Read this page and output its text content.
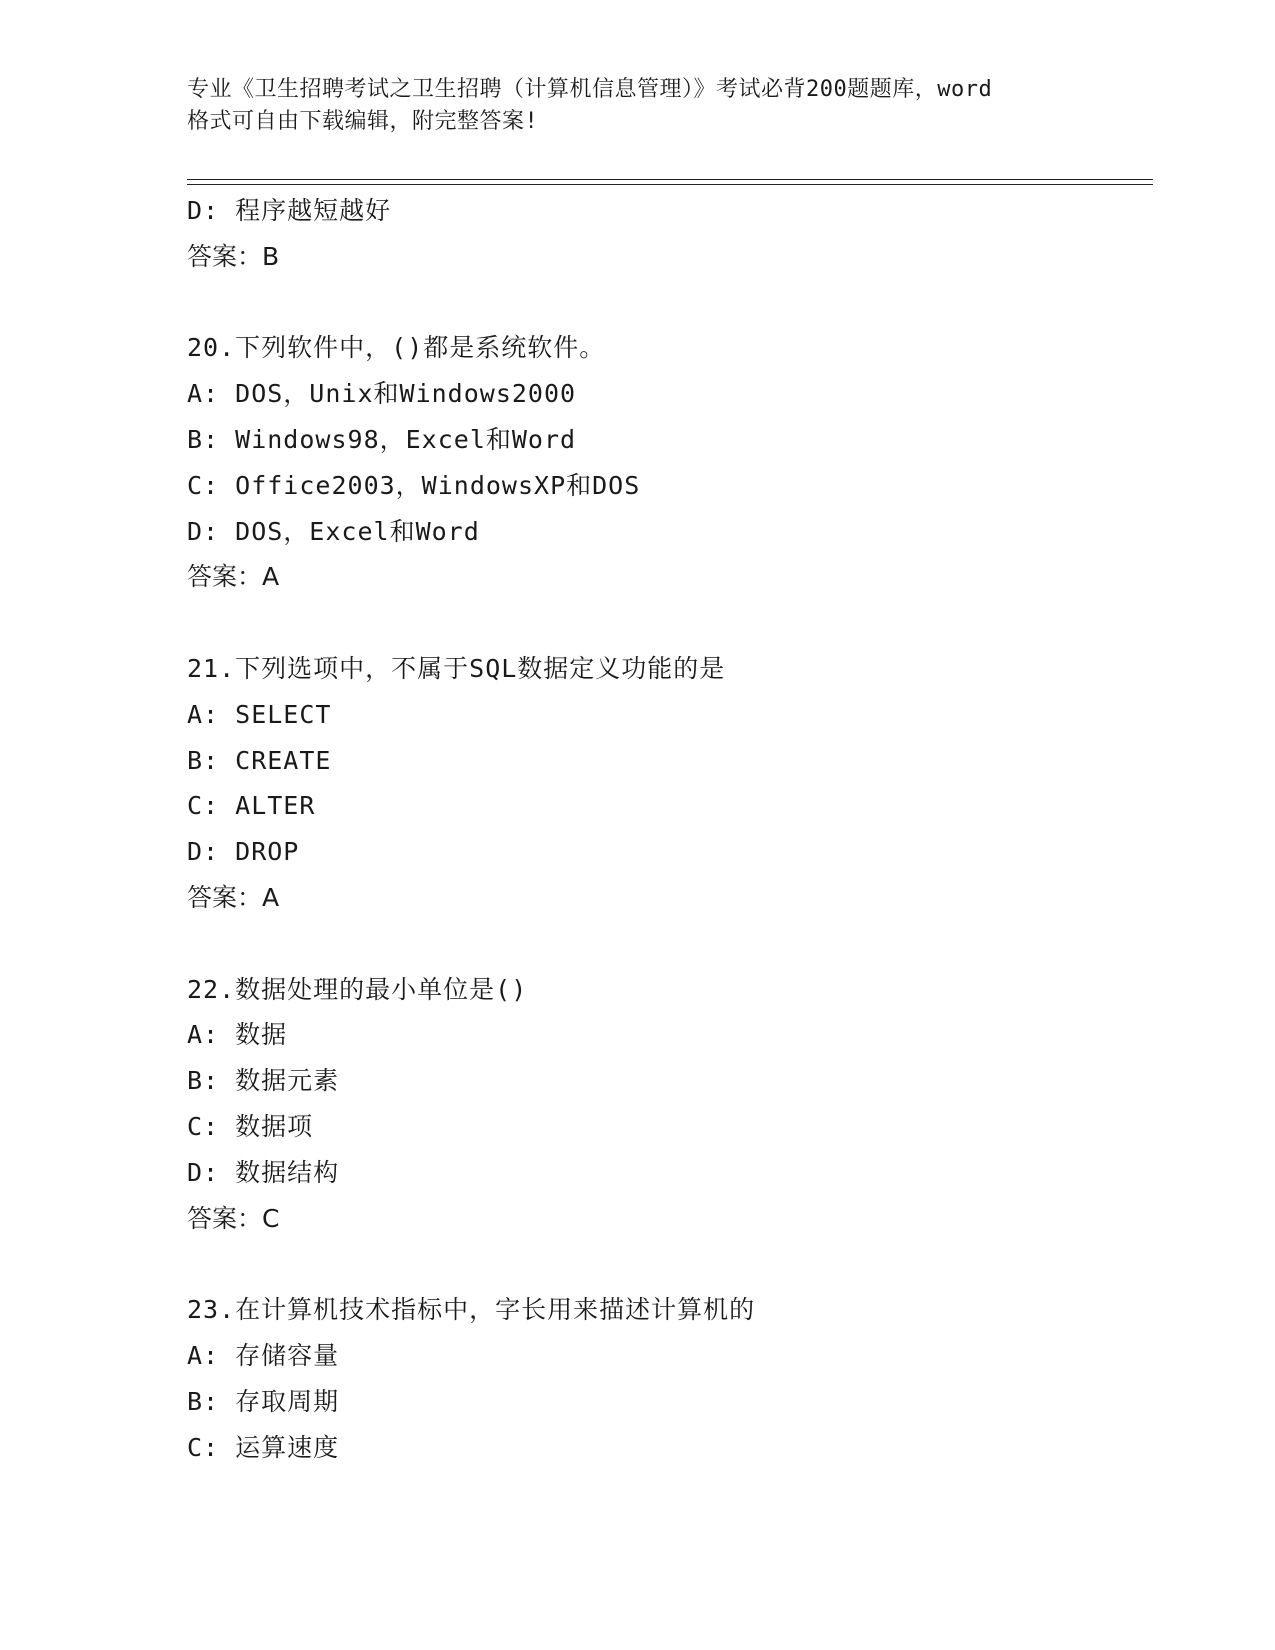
专业《卫生招聘考试之卫生招聘（计算机信息管理）》考试必背200题题库，word
格式可自由下载编辑，附完整答案!
D: 程序越短越好
答案：B
20.下列软件中，()都是系统软件。
A: DOS，Unix和Windows2000
B: Windows98，Excel和Word
C: Office2003，WindowsXP和DOS
D: DOS，Excel和Word
答案：A
21.下列选项中，不属于SQL数据定义功能的是
A: SELECT
B: CREATE
C: ALTER
D: DROP
答案：A
22.数据处理的最小单位是()
A: 数据
B: 数据元素
C: 数据项
D: 数据结构
答案：C
23.在计算机技术指标中，字长用来描述计算机的
A: 存储容量
B: 存取周期
C: 运算速度
